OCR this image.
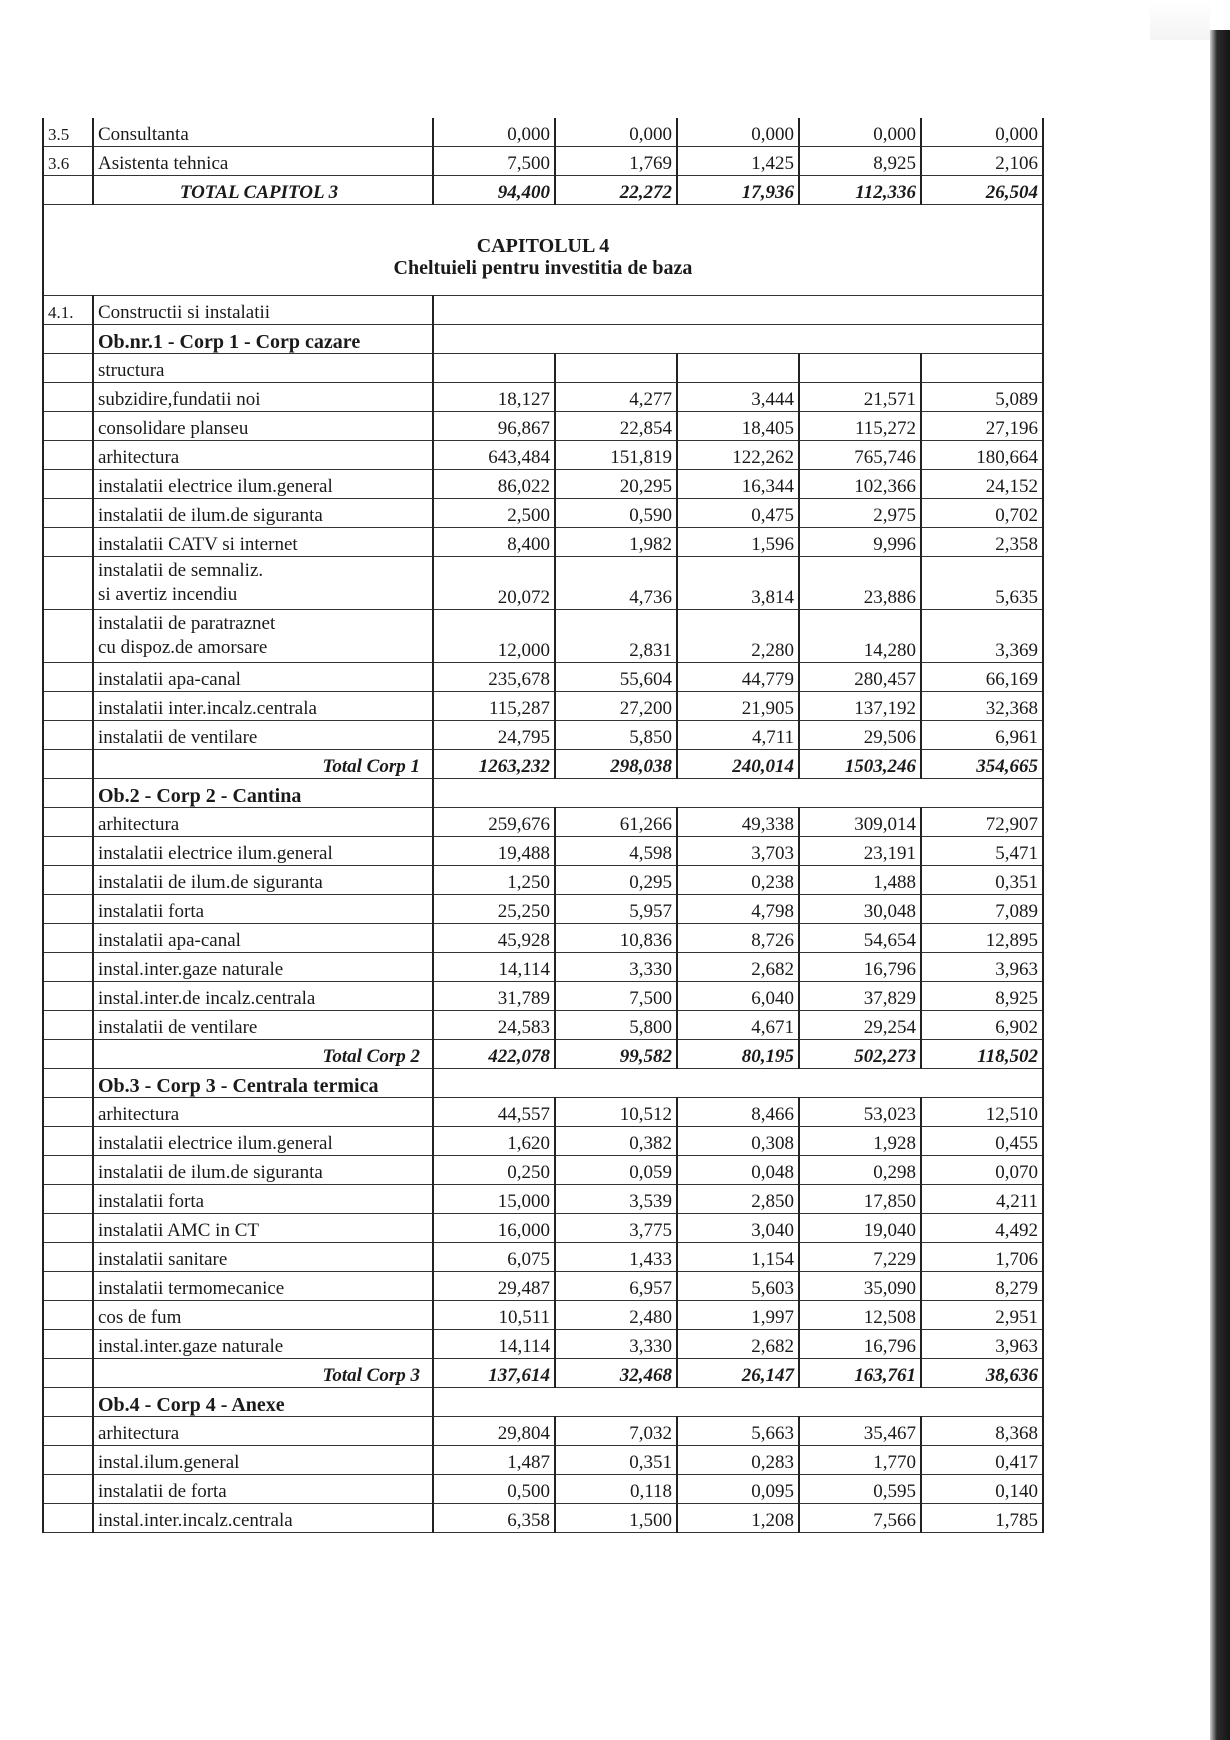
3.5	Consultanta	0,000	0,000	0,000	0,000	0,000
3.6	Asistenta tehnica	7,500	1,769	1,425	8,925	2,106
	TOTAL CAPITOL 3	94,400	22,272	17,936	112,336	26,504

CAPITOLUL 4
Cheltuieli pentru investitia de baza						

4.1.	Constructii si instalatii					
	Ob.nr.1 - Corp 1 - Corp cazare					
	structura					
	subzidire,fundatii noi	18,127	4,277	3,444	21,571	5,089
	consolidare planseu	96,867	22,854	18,405	115,272	27,196
	arhitectura	643,484	151,819	122,262	765,746	180,664
	instalatii electrice ilum.general	86,022	20,295	16,344	102,366	24,152
	instalatii de ilum.de siguranta	2,500	0,590	0,475	2,975	0,702
	instalatii CATV si internet	8,400	1,982	1,596	9,996	2,358

	instalatii de semnaliz.
si avertiz incendiu	20,072	4,736	3,814	23,886	5,635

	instalatii de paratraznet
cu dispoz.de amorsare	12,000	2,831	2,280	14,280	3,369
	instalatii apa-canal	235,678	55,604	44,779	280,457	66,169
	instalatii inter.incalz.centrala	115,287	27,200	21,905	137,192	32,368
	instalatii de ventilare	24,795	5,850	4,711	29,506	6,961
	Total Corp 1	1263,232	298,038	240,014	1503,246	354,665
	Ob.2 - Corp 2 - Cantina					
	arhitectura	259,676	61,266	49,338	309,014	72,907
	instalatii electrice ilum.general	19,488	4,598	3,703	23,191	5,471
	instalatii de ilum.de siguranta	1,250	0,295	0,238	1,488	0,351
	instalatii forta	25,250	5,957	4,798	30,048	7,089
	instalatii apa-canal	45,928	10,836	8,726	54,654	12,895
	instal.inter.gaze naturale	14,114	3,330	2,682	16,796	3,963
	instal.inter.de incalz.centrala	31,789	7,500	6,040	37,829	8,925
	instalatii de ventilare	24,583	5,800	4,671	29,254	6,902
	Total Corp 2	422,078	99,582	80,195	502,273	118,502
	Ob.3 - Corp 3 - Centrala termica					
	arhitectura	44,557	10,512	8,466	53,023	12,510
	instalatii electrice ilum.general	1,620	0,382	0,308	1,928	0,455
	instalatii de ilum.de siguranta	0,250	0,059	0,048	0,298	0,070
	instalatii forta	15,000	3,539	2,850	17,850	4,211
	instalatii AMC in CT	16,000	3,775	3,040	19,040	4,492
	instalatii sanitare	6,075	1,433	1,154	7,229	1,706
	instalatii termomecanice	29,487	6,957	5,603	35,090	8,279
	cos de fum	10,511	2,480	1,997	12,508	2,951
	instal.inter.gaze naturale	14,114	3,330	2,682	16,796	3,963
	Total Corp 3	137,614	32,468	26,147	163,761	38,636
	Ob.4 - Corp 4 - Anexe					
	arhitectura	29,804	7,032	5,663	35,467	8,368
	instal.ilum.general	1,487	0,351	0,283	1,770	0,417
	instalatii de forta	0,500	0,118	0,095	0,595	0,140
	instal.inter.incalz.centrala	6,358	1,500	1,208	7,566	1,785
